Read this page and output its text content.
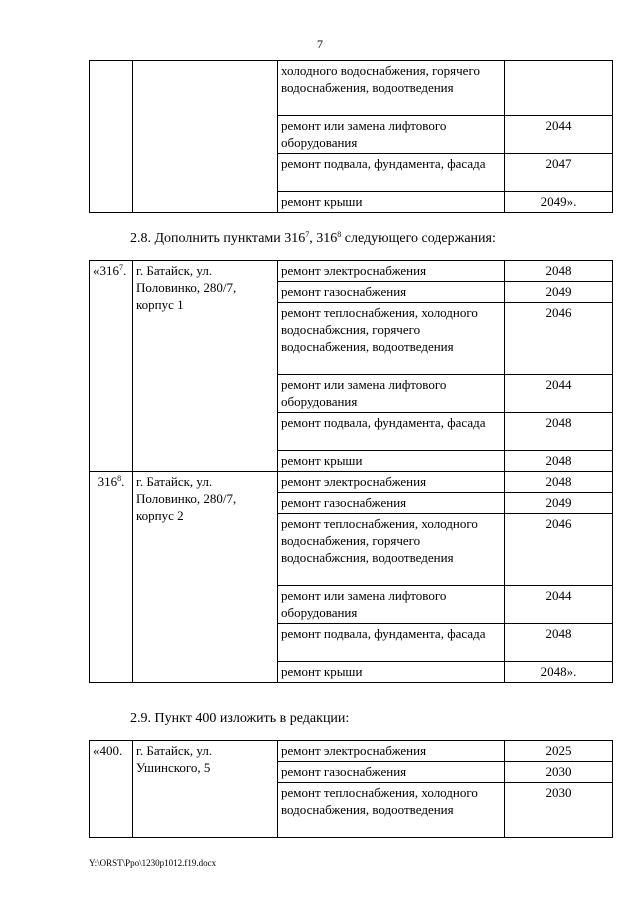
7
		холодного водоснабжения, горячего водоснабжения, водоотведения	
		ремонт или замена лифтового оборудования	2044
		ремонт подвала, фундамента, фасада	2047
		ремонт крыши	2049».
2.8. Дополнить пунктами $316^7$, $316^8$ следующего содержания:
«$316^7$.	г. Батайск, ул. Половинко, 280/7, корпус 1	ремонт электроснабжения	2048
		ремонт газоснабжения	2049
		ремонт теплоснабжения, холодного водоснабжсния, горячего водоснабжения, водоотведения	2046
		ремонт или замена лифтового оборудования	2044
		ремонт подвала, фундамента, фасада	2048
		ремонт крыши	2048
$316^8$.	г. Батайск, ул. Половинко, 280/7, корпус 2	ремонт электроснабжения	2048
		ремонт газоснабжения	2049
		ремонт теплоснабжения, холодного водоснабжения, горячего водоснабжсния, водоотведения	2046
		ремонт или замена лифтового оборудования	2044
		ремонт подвала, фундамента, фасада	2048
		ремонт крыши	2048».
2.9. Пункт 400 изложить в редакции:
«400.	г. Батайск, ул. Ушинского, 5	ремонт электроснабжения	2025
		ремонт газоснабжения	2030
		ремонт теплоснабжения, холодного водоснабжения, водоотведения	2030
Y:\ORST\Ppo\1230p1012.f19.docx
